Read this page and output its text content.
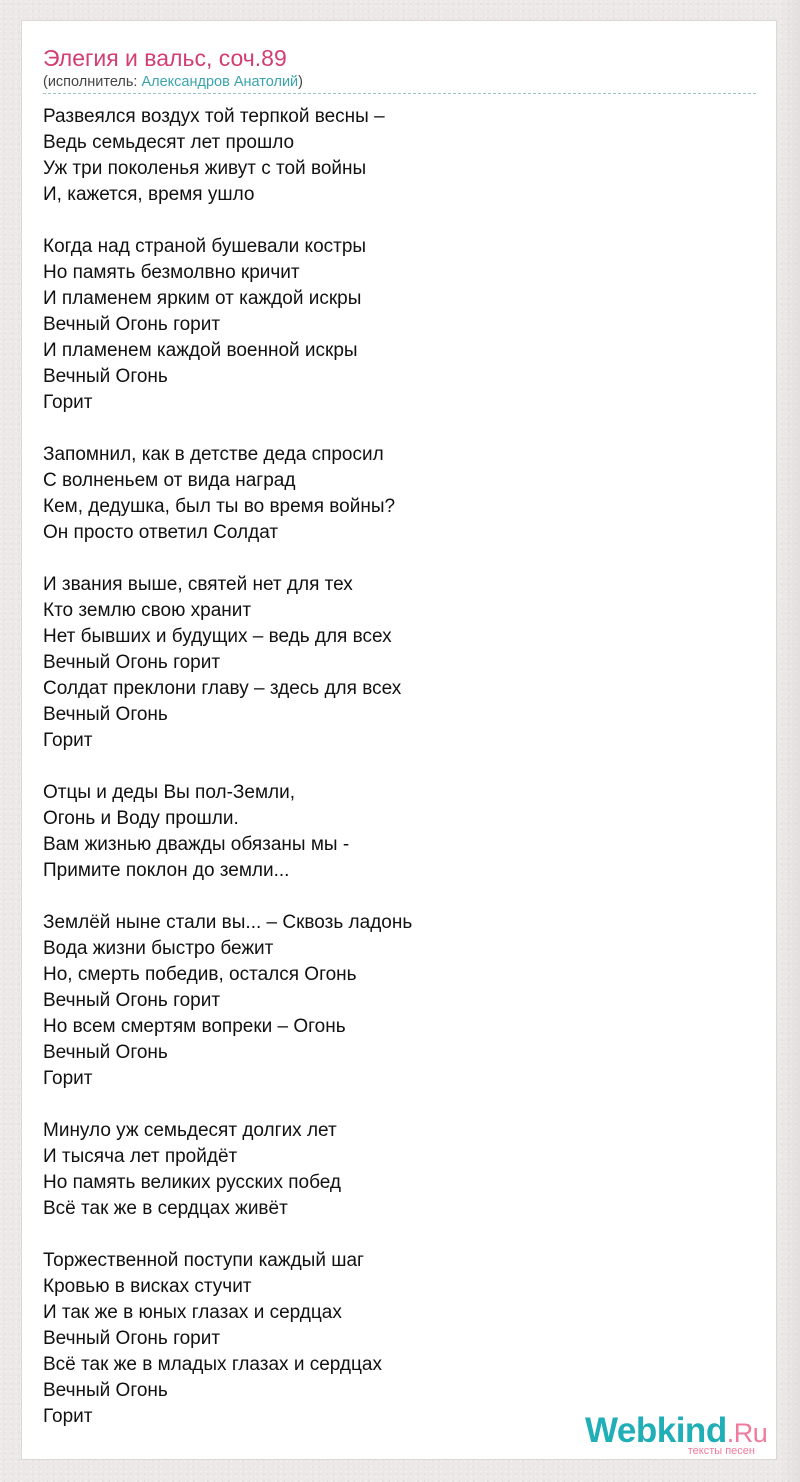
Элегия и вальс, соч.89
(исполнитель: Александров Анатолий)
Развеялся воздух той терпкой весны –
Ведь семьдесят лет прошло
Уж три поколенья живут с той войны
И, кажется, время ушло
Когда над страной бушевали костры
Но память безмолвно кричит
И пламенем ярким от каждой искры
Вечный Огонь горит
И пламенем каждой военной искры
Вечный Огонь
Горит
Запомнил, как в детстве деда спросил
С волненьем от вида наград
Кем, дедушка, был ты во время войны?
Он просто ответил Солдат
И звания выше, святей нет для тех
Кто землю свою хранит
Нет бывших и будущих – ведь для всех
Вечный Огонь горит
Солдат преклони главу – здесь для всех
Вечный Огонь
Горит
Отцы и деды Вы пол-Земли,
Огонь и Воду прошли.
Вам жизнью дважды обязаны мы -
Примите поклон до земли...
Землёй ныне стали вы... – Сквозь ладонь
Вода жизни быстро бежит
Но, смерть победив, остался Огонь
Вечный Огонь горит
Но всем смертям вопреки – Огонь
Вечный Огонь
Горит
Минуло уж семьдесят долгих лет
И тысяча лет пройдёт
Но память великих русских побед
Всё так же в сердцах живёт
Торжественной поступи каждый шаг
Кровью в висках стучит
И так же в юных глазах и сердцах
Вечный Огонь горит
Всё так же в младых глазах и сердцах
Вечный Огонь
Горит	Webkind.Ru
тексты песен
